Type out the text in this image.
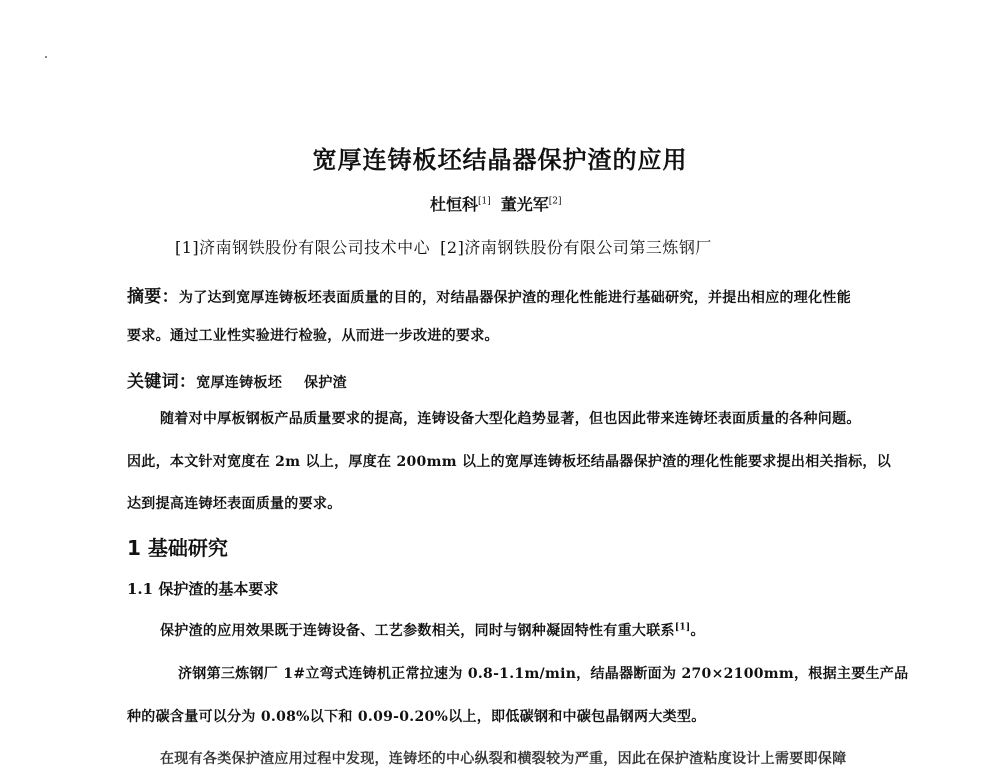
宽厚连铸板坯结晶器保护渣的应用
杜恒科[1] 董光军[2]
[1]济南钢铁股份有限公司技术中心 [2]济南钢铁股份有限公司第三炼钢厂
摘要：为了达到宽厚连铸板坯表面质量的目的，对结晶器保护渣的理化性能进行基础研究，并提出相应的理化性能
要求。通过工业性实验进行检验，从而进一步改进的要求。
关键词：宽厚连铸板坯 保护渣
随着对中厚板钢板产品质量要求的提高，连铸设备大型化趋势显著，但也因此带来连铸坯表面质量的各种问题。
因此，本文针对宽度在 2m 以上，厚度在 200mm 以上的宽厚连铸板坯结晶器保护渣的理化性能要求提出相关指标，以
达到提高连铸坯表面质量的要求。
1 基础研究
1.1 保护渣的基本要求
保护渣的应用效果既于连铸设备、工艺参数相关，同时与钢种凝固特性有重大联系[1]。
济钢第三炼钢厂 1#立弯式连铸机正常拉速为 0.8-1.1m/min，结晶器断面为 270×2100mm，根据主要生产品
种的碳含量可以分为 0.08%以下和 0.09-0.20%以上，即低碳钢和中碳包晶钢两大类型。
在现有各类保护渣应用过程中发现，连铸坯的中心纵裂和横裂较为严重，因此在保护渣粘度设计上需要即保障
